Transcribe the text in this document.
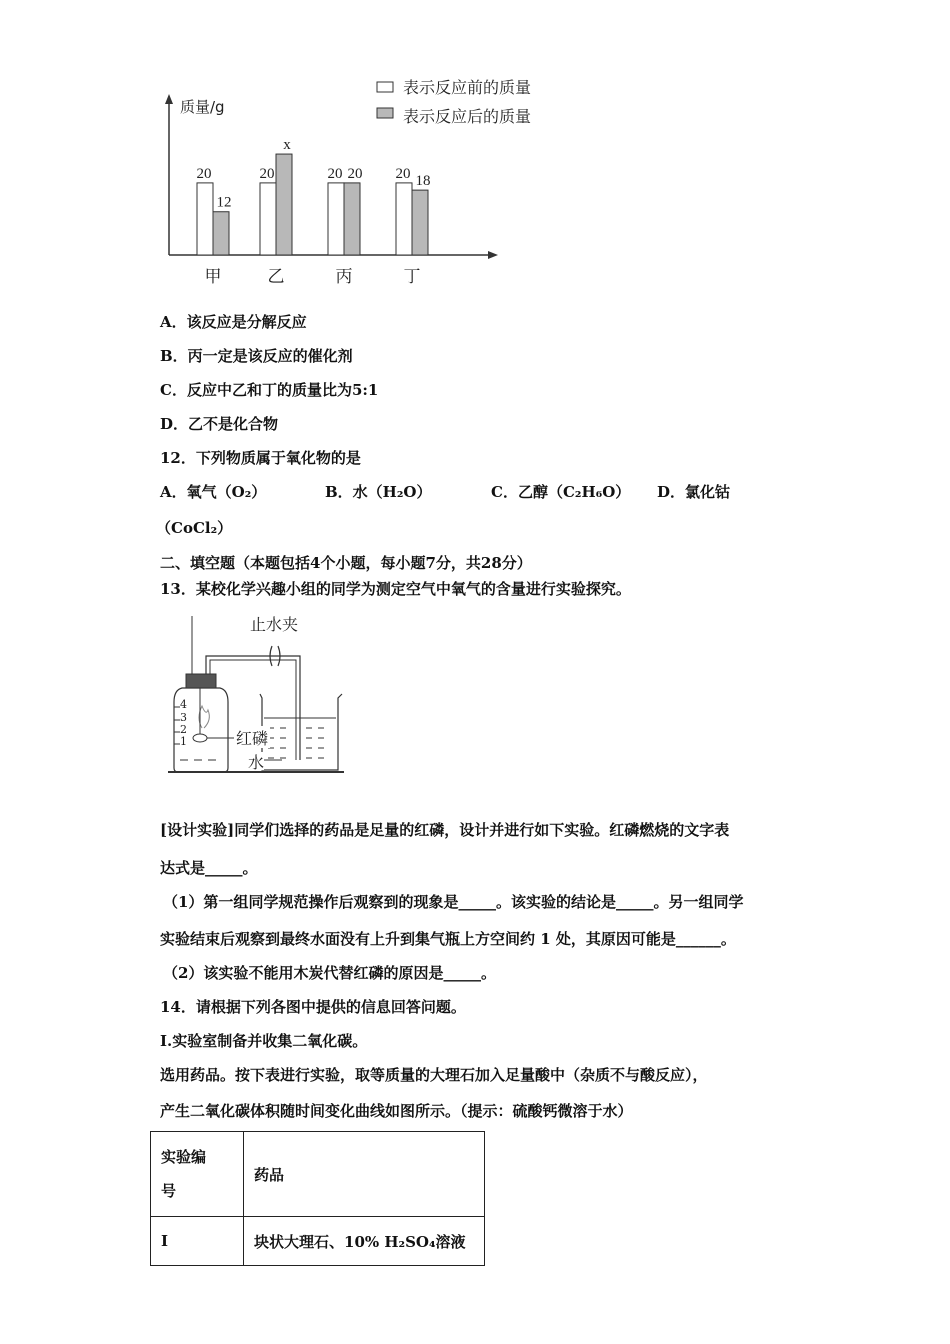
表示反应前的质量
表示反应后的质量
质量/g
20
12
甲
20
x
乙
20 20
丙
20 18
丁
A．该反应是分解反应
B．丙一定是该反应的催化剂
C．反应中乙和丁的质量比为5:1
D．乙不是化合物
12．下列物质属于氧化物的是
A．氧气（O₂）	B．水（H₂O）	C．乙醇（C₂H₆O） D．氯化钴
（CoCl₂）
二、填空题（本题包括4个小题，每小题7分，共28分）
13．某校化学兴趣小组的同学为测定空气中氧气的含量进行实验探究。
4
3
2
1
止水夹
红磷
水
[设计实验]同学们选择的药品是足量的红磷，设计并进行如下实验。红磷燃烧的文字表
达式是_____。
（1）第一组同学规范操作后观察到的现象是_____。该实验的结论是_____。另一组同学
实验结束后观察到最终水面没有上升到集气瓶上方空间约 1 处，其原因可能是______。
（2）该实验不能用木炭代替红磷的原因是_____。
14．请根据下列各图中提供的信息回答问题。
I.实验室制备并收集二氧化碳。
选用药品。按下表进行实验，取等质量的大理石加入足量酸中（杂质不与酸反应），
产生二氧化碳体积随时间变化曲线如图所示。（提示：硫酸钙微溶于水）
实验编
号	药品
Ⅰ	块状大理石、10% H₂SO₄溶液
